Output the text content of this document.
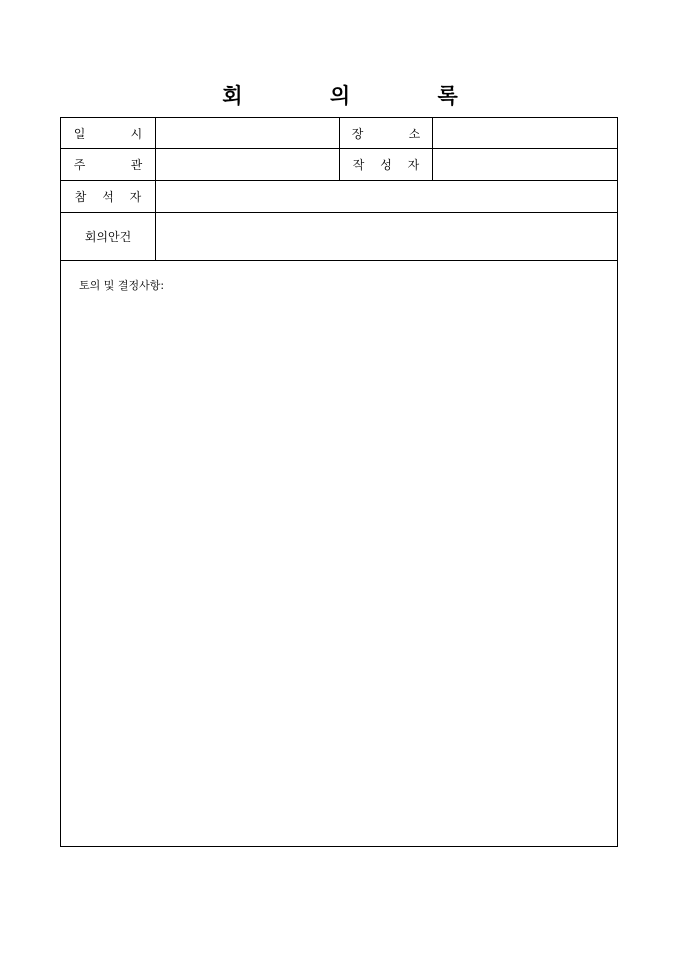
회 의 록
일    시	장    소
주    관	작 성 자
참 석 자
회의안건
토의 및 결정사항:
